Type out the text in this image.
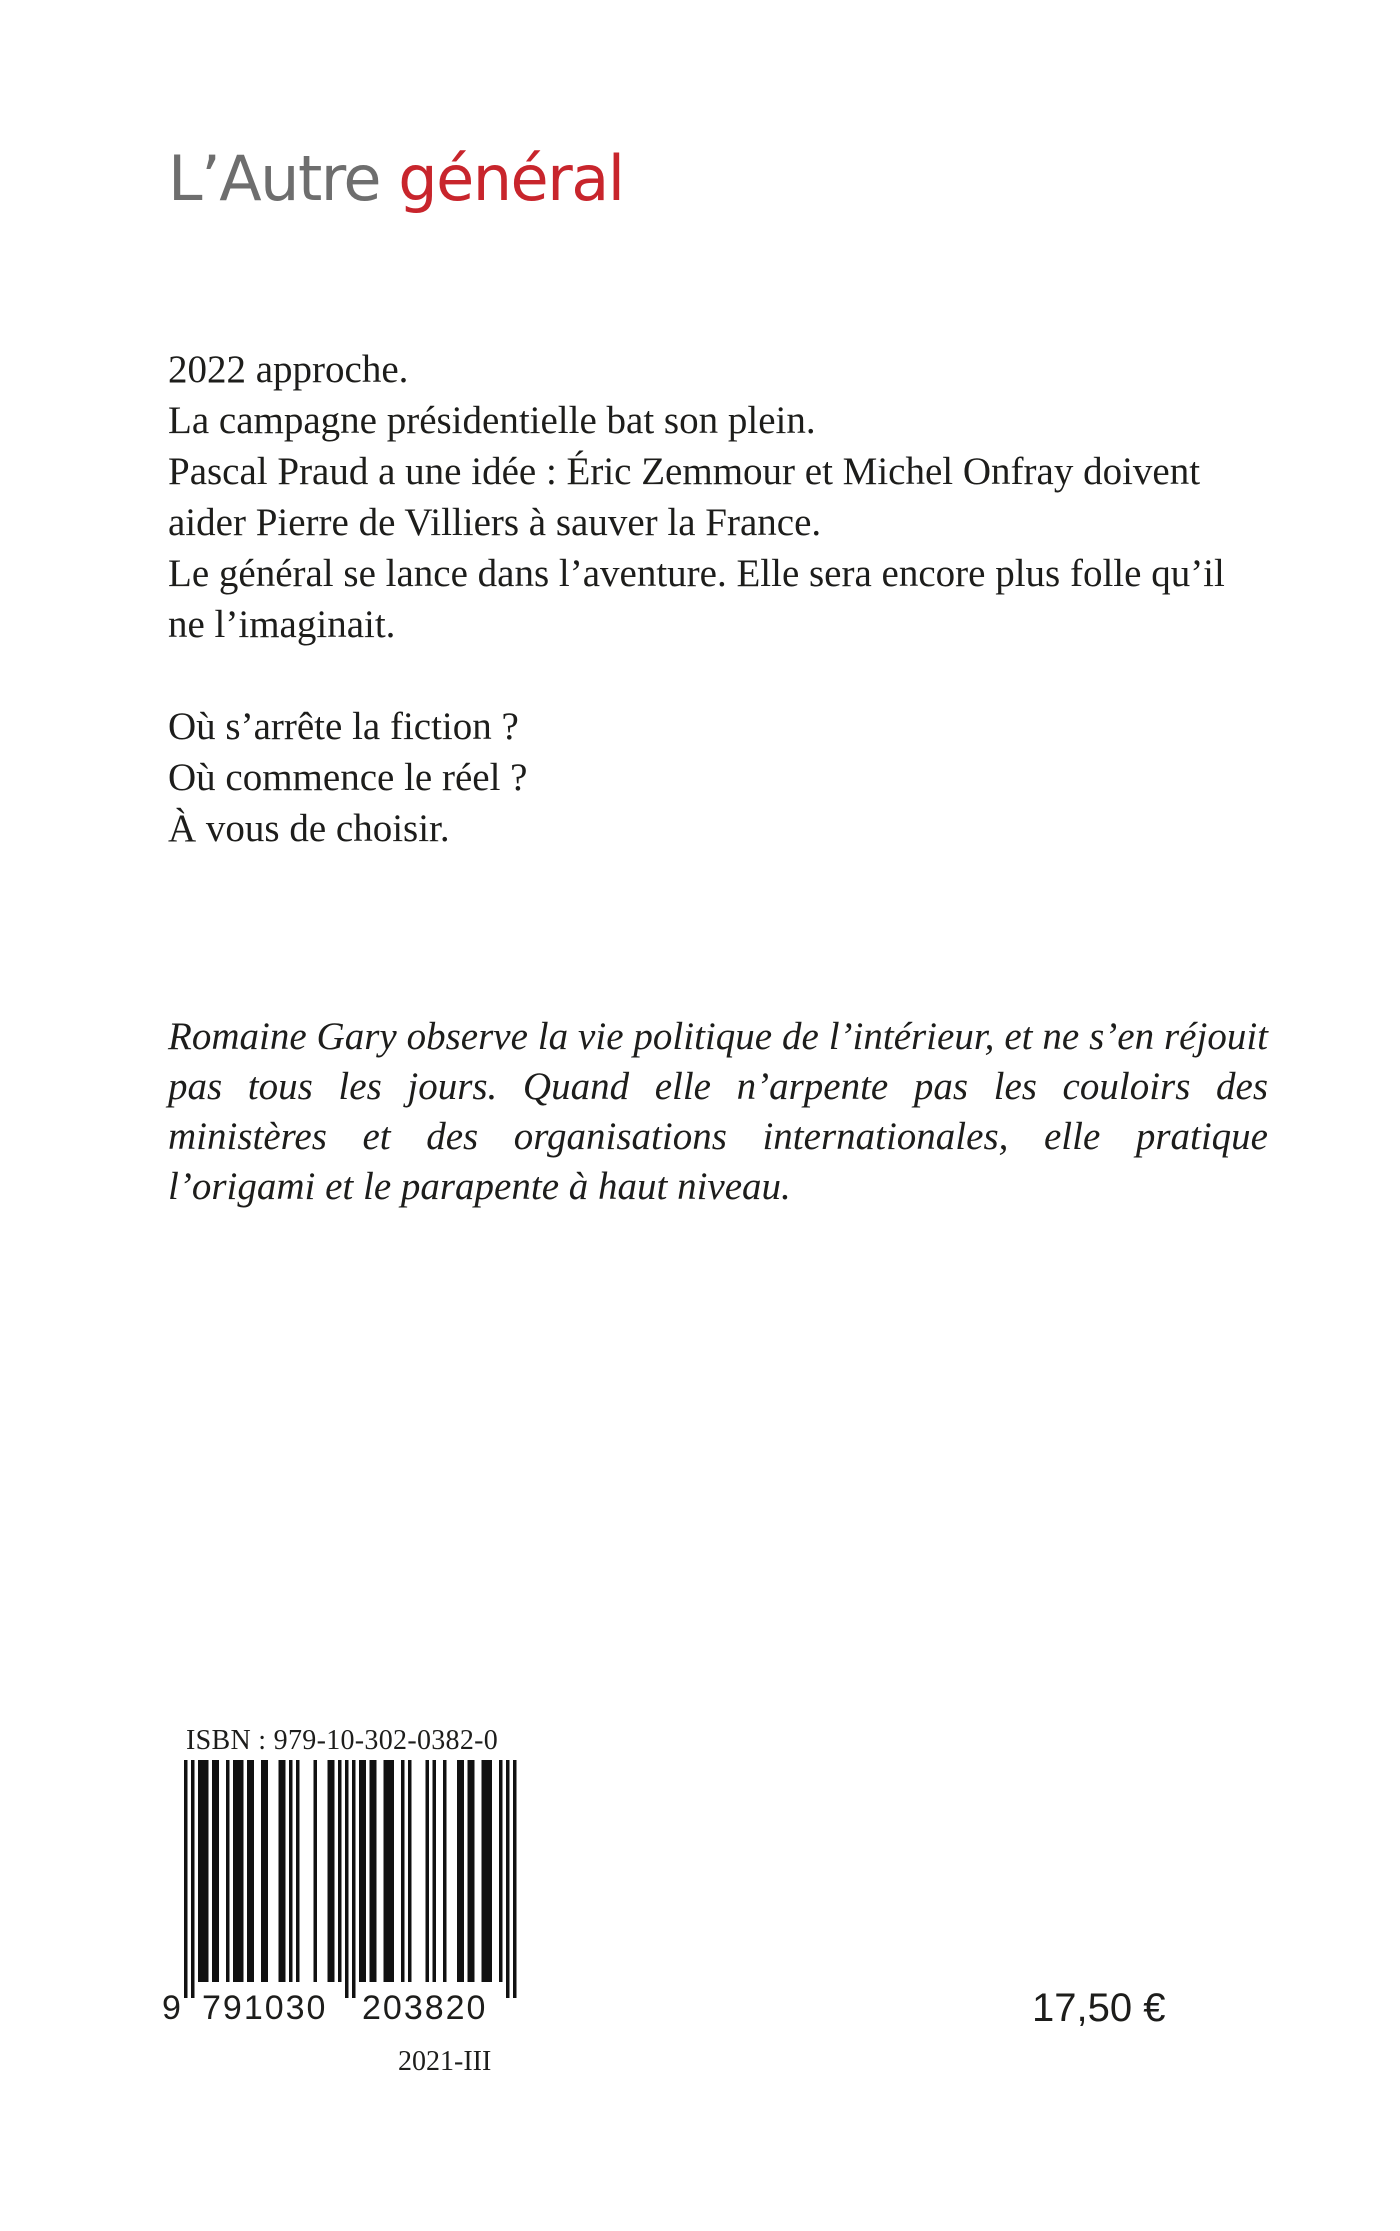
L’Autre général

2022 approche.

La campagne présidentielle bat son plein.

Pascal Praud a une idée : Éric Zemmour et Michel Onfray doivent aider Pierre de Villiers à sauver la France.

Le général se lance dans l’aventure. Elle sera encore plus folle qu’il ne l’imaginait.

Où s’arrête la fiction ?

Où commence le réel ?

À vous de choisir.

Romaine Gary observe la vie politique de l’intérieur, et ne s’en réjouit pas tous les jours. Quand elle n’arpente pas les couloirs des ministères et des organisations internationales, elle pratique l’origami et le parapente à haut niveau.

ISBN : 979-10-302-0382-0
9 791030 203820
2021-III
17,50 €
